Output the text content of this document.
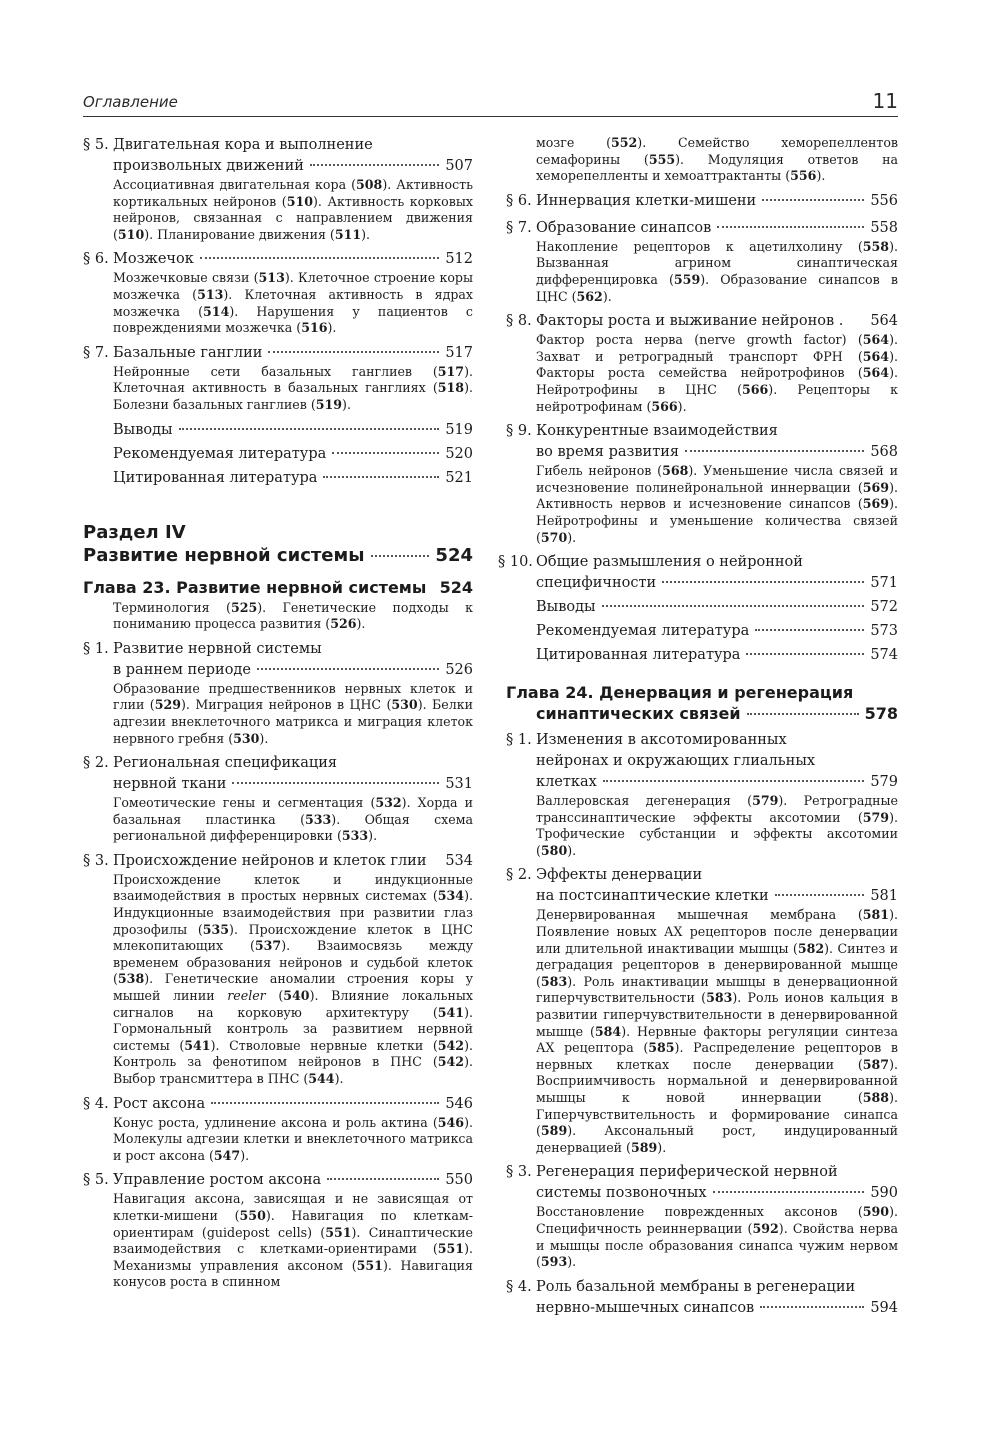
Оглавление	11
§ 5. Двигательная кора и выполнение
произвольных движений	507
Ассоциативная двигательная кора (508). Активность кортикальных нейронов (510). Активность корковых нейронов, связанная с направлением движения (510). Планирование движения (511).
§ 6. Мозжечок	512
Мозжечковые связи (513). Клеточное строение коры мозжечка (513). Клеточная активность в ядрах мозжечка (514). Нарушения у пациентов с повреждениями мозжечка (516).
§ 7. Базальные ганглии	517
Нейронные сети базальных ганглиев (517). Клеточная активность в базальных ганглиях (518). Болезни базальных ганглиев (519).
Выводы	519
Рекомендуемая литература	520
Цитированная литература	521
Раздел IV
Развитие нервной системы	524
Глава 23. Развитие нервной системы 524
Терминология (525). Генетические подходы к пониманию процесса развития (526).
§ 1. Развитие нервной системы
в раннем периоде	526
Образование предшественников нервных клеток и глии (529). Миграция нейронов в ЦНС (530). Белки адгезии внеклеточного матрикса и миграция клеток нервного гребня (530).
§ 2. Региональная спецификация
нервной ткани	531
Гомеотические гены и сегментация (532). Хорда и базальная пластинка (533). Общая схема региональной дифференцировки (533).
§ 3. Происхождение нейронов и клеток глии 534
Происхождение клеток и индукционные взаимодействия в простых нервных системах (534). Индукционные взаимодействия при развитии глаз дрозофилы (535). Происхождение клеток в ЦНС млекопитающих (537). Взаимосвязь между временем образования нейронов и судьбой клеток (538). Генетические аномалии строения коры у мышей линии reeler (540). Влияние локальных сигналов на корковую архитектуру (541). Гормональный контроль за развитием нервной системы (541). Стволовые нервные клетки (542). Контроль за фенотипом нейронов в ПНС (542). Выбор трансмиттера в ПНС (544).
§ 4. Рост аксона	546
Конус роста, удлинение аксона и роль актина (546). Молекулы адгезии клетки и внеклеточного матрикса и рост аксона (547).
§ 5. Управление ростом аксона	550
Навигация аксона, зависящая и не зависящая от клетки-мишени (550). Навигация по клеткам-ориентирам (guidepost cells) (551). Синаптические взаимодействия с клетками-ориентирами (551). Механизмы управления аксоном (551). Навигация конусов роста в спинном
мозге (552). Семейство хеморепеллентов семафорины (555). Модуляция ответов на хеморепелленты и хемоаттрактанты (556).
§ 6. Иннервация клетки-мишени	556
§ 7. Образование синапсов	558
Накопление рецепторов к ацетилхолину (558). Вызванная агрином синаптическая дифференцировка (559). Образование синапсов в ЦНС (562).
§ 8. Факторы роста и выживание нейронов . 564
Фактор роста нерва (nerve growth factor) (564). Захват и ретроградный транспорт ФРН (564). Факторы роста семейства нейротрофинов (564). Нейротрофины в ЦНС (566). Рецепторы к нейротрофинам (566).
§ 9. Конкурентные взаимодействия
во время развития	568
Гибель нейронов (568). Уменьшение числа связей и исчезновение полинейрональной иннервации (569). Активность нервов и исчезновение синапсов (569). Нейротрофины и уменьшение количества связей (570).
§ 10. Общие размышления о нейронной
специфичности	571
Выводы	572
Рекомендуемая литература	573
Цитированная литература	574
Глава 24. Денервация и регенерация
синаптических связей	578
§ 1. Изменения в аксотомированных
нейронах и окружающих глиальных
клетках	579
Валлеровская дегенерация (579). Ретроградные транссинаптические эффекты аксотомии (579). Трофические субстанции и эффекты аксотомии (580).
§ 2. Эффекты денервации
на постсинаптические клетки	581
Денервированная мышечная мембрана (581). Появление новых АХ рецепторов после денервации или длительной инактивации мышцы (582). Синтез и деградация рецепторов в денервированной мышце (583). Роль инактивации мышцы в денервационной гиперчувствительности (583). Роль ионов кальция в развитии гиперчувствительности в денервированной мышце (584). Нервные факторы регуляции синтеза АХ рецептора (585). Распределение рецепторов в нервных клетках после денервации (587). Восприимчивость нормальной и денервированной мышцы к новой иннервации (588). Гиперчувствительность и формирование синапса (589). Аксональный рост, индуцированный денервацией (589).
§ 3. Регенерация периферической нервной
системы позвоночных	590
Восстановление поврежденных аксонов (590). Специфичность реиннервации (592). Свойства нерва и мышцы после образования синапса чужим нервом (593).
§ 4. Роль базальной мембраны в регенерации
нервно-мышечных синапсов	594
